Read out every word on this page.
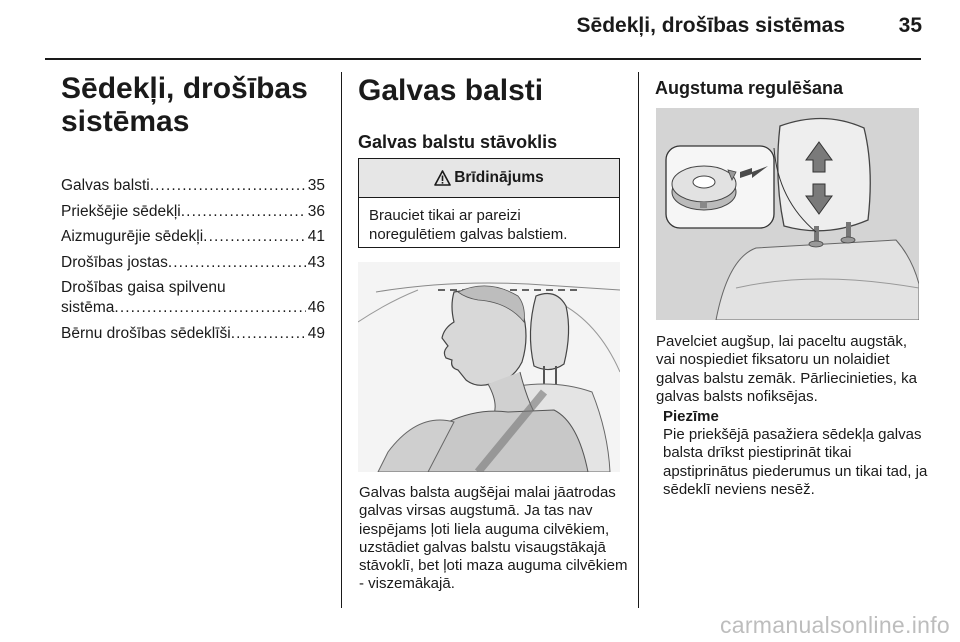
Sēdekļi, drošības sistēmas	35
Sēdekļi, drošības sistēmas
Galvas balsti . . .	35
Priekšējie sēdekļi . . .	36
Aizmugurējie sēdekļi . . .	41
Drošības jostas . . .	43
Drošības gaisa spilvenu
sistēma . . .	46
Bērnu drošības sēdeklīši . . .	49
Galvas balsti
Galvas balstu stāvoklis
Brīdinājums
Brauciet tikai ar pareizi noregulētiem galvas balstiem.

Galvas balsta augšējai malai jāatrodas galvas virsas augstumā. Ja tas nav iespējams ļoti liela auguma cilvēkiem, uzstādiet galvas balstu visaugstākajā stāvoklī, bet ļoti maza auguma cilvēkiem - viszemākajā.

Augstuma regulēšana

Pavelciet augšup, lai paceltu augstāk, vai nospiediet fiksatoru un nolaidiet galvas balstu zemāk. Pārliecinieties, ka galvas balsts nofiksējas.

Piezīme

Pie priekšējā pasažiera sēdekļa galvas balsta drīkst piestiprināt tikai apstiprinātus piederumus un tikai tad, ja sēdeklī neviens nesēž.

carmanualsonline.info
